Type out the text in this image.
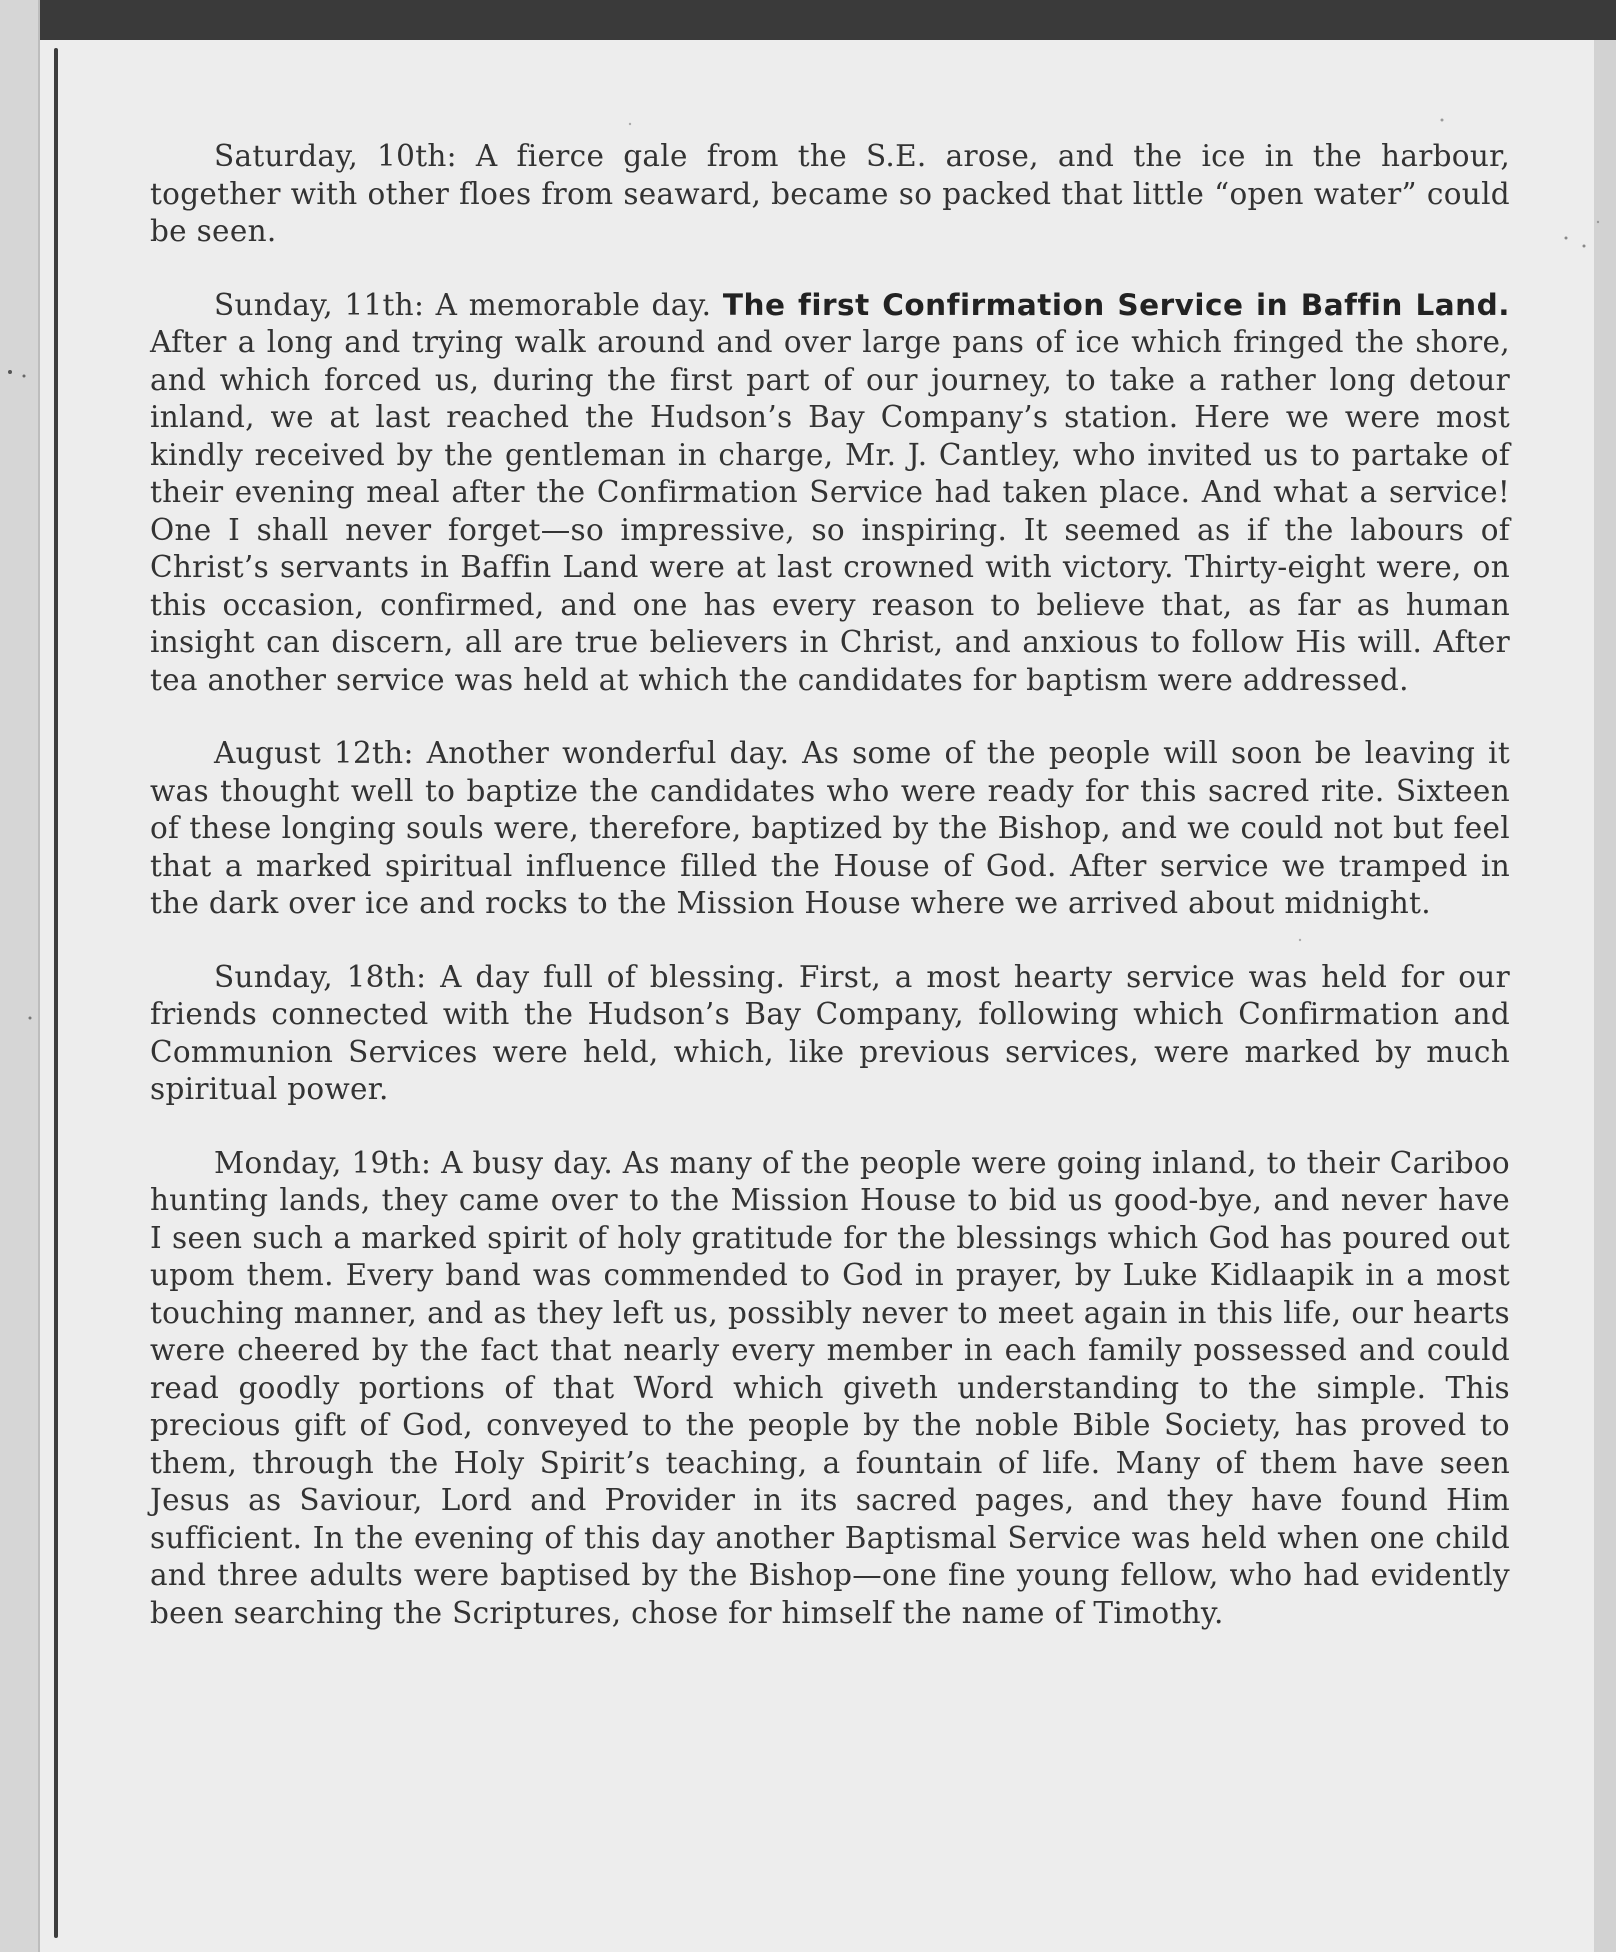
Saturday, 10th: A fierce gale from the S.E. arose, and the ice in the harbour, together with other floes from seaward, became so packed that little “open water” could be seen.

Sunday, 11th: A memorable day. The first Confirmation Service in Baffin Land. After a long and trying walk around and over large pans of ice which fringed the shore, and which forced us, during the first part of our journey, to take a rather long detour inland, we at last reached the Hudson’s Bay Company’s station. Here we were most kindly received by the gentleman in charge, Mr. J. Cantley, who invited us to partake of their evening meal after the Confirmation Service had taken place. And what a service! One I shall never forget—so impressive, so inspiring. It seemed as if the labours of Christ’s servants in Baffin Land were at last crowned with victory. Thirty-eight were, on this occasion, confirmed, and one has every reason to believe that, as far as human insight can discern, all are true believers in Christ, and anxious to follow His will. After tea another service was held at which the candidates for baptism were addressed.

August 12th: Another wonderful day. As some of the people will soon be leaving it was thought well to baptize the candidates who were ready for this sacred rite. Sixteen of these longing souls were, therefore, baptized by the Bishop, and we could not but feel that a marked spiritual influence filled the House of God. After service we tramped in the dark over ice and rocks to the Mission House where we arrived about midnight.

Sunday, 18th: A day full of blessing. First, a most hearty service was held for our friends connected with the Hudson’s Bay Company, following which Confirmation and Communion Services were held, which, like previous services, were marked by much spiritual power.

Monday, 19th: A busy day. As many of the people were going inland, to their Cariboo hunting lands, they came over to the Mission House to bid us good-bye, and never have I seen such a marked spirit of holy gratitude for the blessings which God has poured out upom them. Every band was commended to God in prayer, by Luke Kidlaapik in a most touching manner, and as they left us, possibly never to meet again in this life, our hearts were cheered by the fact that nearly every member in each family possessed and could read goodly portions of that Word which giveth understanding to the simple. This precious gift of God, conveyed to the people by the noble Bible Society, has proved to them, through the Holy Spirit’s teaching, a fountain of life. Many of them have seen Jesus as Saviour, Lord and Provider in its sacred pages, and they have found Him sufficient. In the evening of this day another Baptismal Service was held when one child and three adults were baptised by the Bishop—one fine young fellow, who had evidently been searching the Scriptures, chose for himself the name of Timothy.
